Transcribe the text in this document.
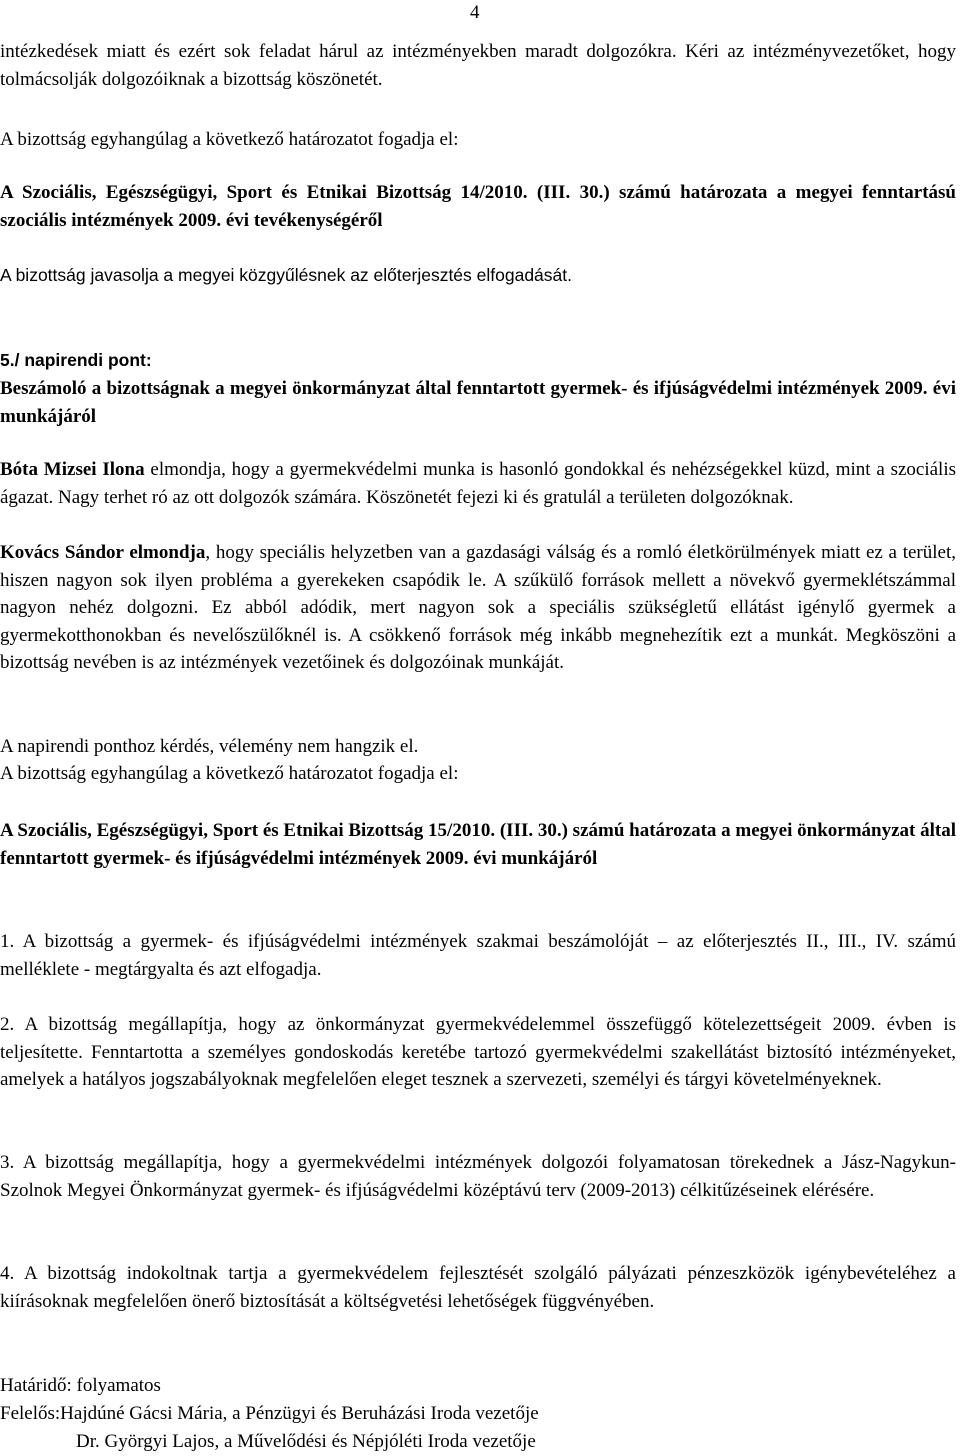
4

intézkedések miatt és ezért sok feladat hárul az intézményekben maradt dolgozókra. Kéri az intézményvezetőket, hogy tolmácsolják dolgozóiknak a bizottság köszönetét.

A bizottság egyhangúlag a következő határozatot fogadja el:

A Szociális, Egészségügyi, Sport és Etnikai Bizottság 14/2010. (III. 30.) számú határozata a megyei fenntartású szociális intézmények 2009. évi tevékenységéről

A bizottság javasolja a megyei közgyűlésnek az előterjesztés elfogadását.

5./ napirendi pont:

Beszámoló a bizottságnak a megyei önkormányzat által fenntartott gyermek- és ifjúságvédelmi intézmények 2009. évi munkájáról

Bóta Mizsei Ilona elmondja, hogy a gyermekvédelmi munka is hasonló gondokkal és nehézségekkel küzd, mint a szociális ágazat. Nagy terhet ró az ott dolgozók számára. Köszönetét fejezi ki és gratulál a területen dolgozóknak.

Kovács Sándor elmondja, hogy speciális helyzetben van a gazdasági válság és a romló életkörülmények miatt ez a terület, hiszen nagyon sok ilyen probléma a gyerekeken csapódik le. A szűkülő források mellett a növekvő gyermeklétszámmal nagyon nehéz dolgozni. Ez abból adódik, mert nagyon sok a speciális szükségletű ellátást igénylő gyermek a gyermekotthonokban és nevelőszülőknél is. A csökkenő források még inkább megnehezítik ezt a munkát. Megköszöni a bizottság nevében is az intézmények vezetőinek és dolgozóinak munkáját.

A napirendi ponthoz kérdés, vélemény nem hangzik el.

A bizottság egyhangúlag a következő határozatot fogadja el:

A Szociális, Egészségügyi, Sport és Etnikai Bizottság 15/2010. (III. 30.) számú határozata a megyei önkormányzat által fenntartott gyermek- és ifjúságvédelmi intézmények 2009. évi munkájáról

1. A bizottság a gyermek- és ifjúságvédelmi intézmények szakmai beszámolóját – az előterjesztés II., III., IV. számú melléklete - megtárgyalta és azt elfogadja.

2. A bizottság megállapítja, hogy az önkormányzat gyermekvédelemmel összefüggő kötelezettségeit 2009. évben is teljesítette. Fenntartotta a személyes gondoskodás keretébe tartozó gyermekvédelmi szakellátást biztosító intézményeket, amelyek a hatályos jogszabályoknak megfelelően eleget tesznek a szervezeti, személyi és tárgyi követelményeknek.

3. A bizottság megállapítja, hogy a gyermekvédelmi intézmények dolgozói folyamatosan törekednek a Jász-Nagykun-Szolnok Megyei Önkormányzat gyermek- és ifjúságvédelmi középtávú terv (2009-2013) célkitűzéseinek elérésére.

4. A bizottság indokoltnak tartja a gyermekvédelem fejlesztését szolgáló pályázati pénzeszközök igénybevételéhez a kiírásoknak megfelelően önerő biztosítását a költségvetési lehetőségek függvényében.

Határidő: folyamatos

Felelős:Hajdúné Gácsi Mária, a Pénzügyi és Beruházási Iroda vezetője

Dr. Györgyi Lajos, a Művelődési és Népjóléti Iroda vezetője
